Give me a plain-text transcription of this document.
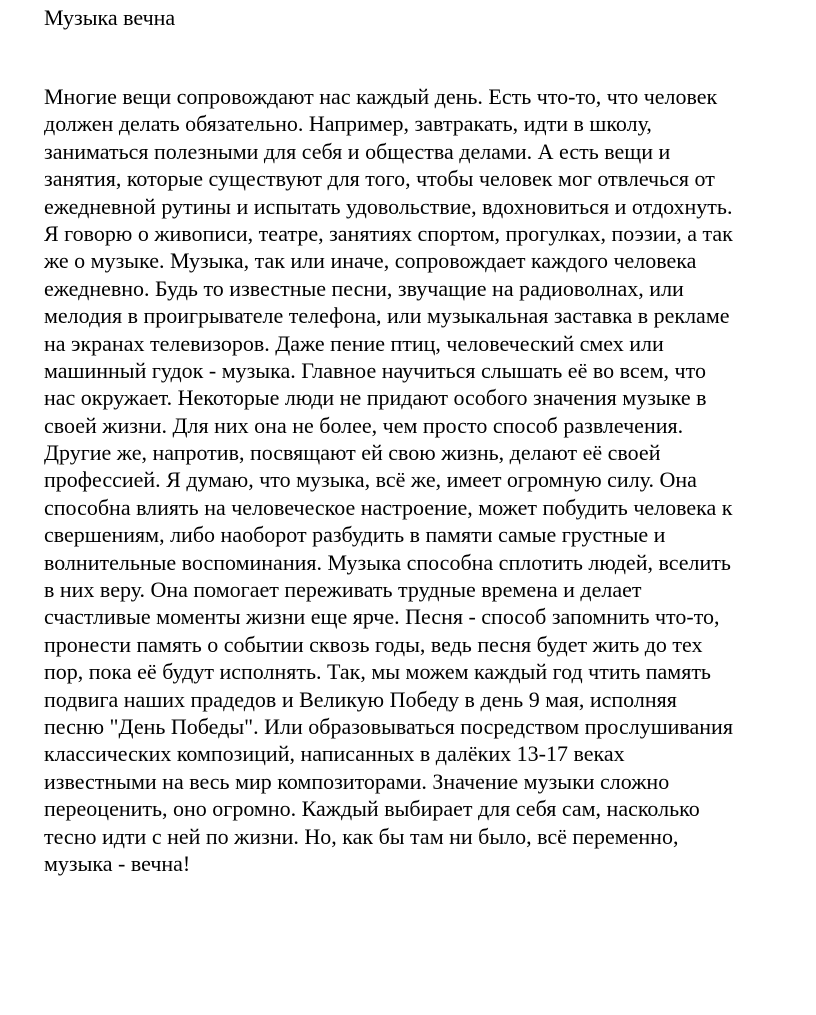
Музыка вечна
Многие вещи сопровождают нас каждый день. Есть что-то, что человек
должен делать обязательно. Например, завтракать, идти в школу,
заниматься полезными для себя и общества делами. А есть вещи и
занятия, которые существуют для того, чтобы человек мог отвлечься от
ежедневной рутины и испытать удовольствие, вдохновиться и отдохнуть.
Я говорю о живописи, театре, занятиях спортом, прогулках, поэзии, а так
же о музыке. Музыка, так или иначе, сопровождает каждого человека
ежедневно. Будь то известные песни, звучащие на радиоволнах, или
мелодия в проигрывателе телефона, или музыкальная заставка в рекламе
на экранах телевизоров. Даже пение птиц, человеческий смех или
машинный гудок - музыка. Главное научиться слышать её во всем, что
нас окружает. Некоторые люди не придают особого значения музыке в
своей жизни. Для них она не более, чем просто способ развлечения.
Другие же, напротив, посвящают ей свою жизнь, делают её своей
профессией. Я думаю, что музыка, всё же, имеет огромную силу. Она
способна влиять на человеческое настроение, может побудить человека к
свершениям, либо наоборот разбудить в памяти самые грустные и
волнительные воспоминания. Музыка способна сплотить людей, вселить
в них веру. Она помогает переживать трудные времена и делает
счастливые моменты жизни еще ярче. Песня - способ запомнить что-то,
пронести память о событии сквозь годы, ведь песня будет жить до тех
пор, пока её будут исполнять. Так, мы можем каждый год чтить память
подвига наших прадедов и Великую Победу в день 9 мая, исполняя
песню "День Победы". Или образовываться посредством прослушивания
классических композиций, написанных в далёких 13-17 веках
известными на весь мир композиторами. Значение музыки сложно
переоценить, оно огромно. Каждый выбирает для себя сам, насколько
тесно идти с ней по жизни. Но, как бы там ни было, всё переменно,
музыка - вечна!
